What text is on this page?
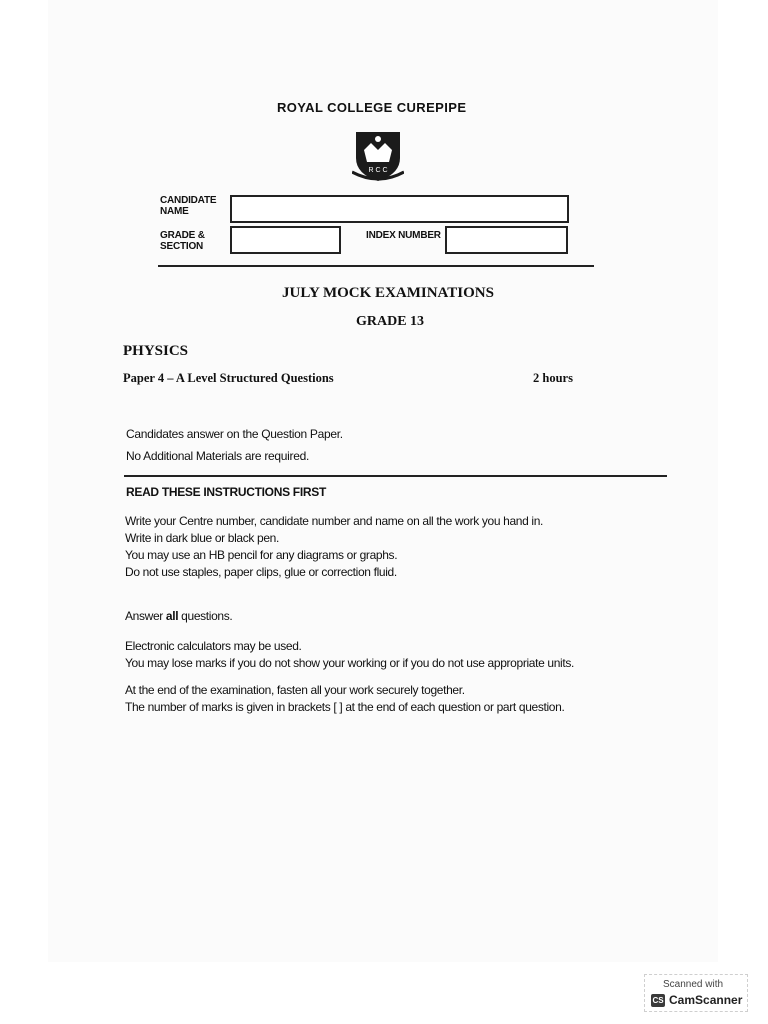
ROYAL COLLEGE CUREPIPE

R C C

CANDIDATE

NAME

GRADE &

SECTION

INDEX NUMBER

JULY MOCK EXAMINATIONS

GRADE 13

PHYSICS

Paper 4 – A Level Structured Questions	2 hours

Candidates answer on the Question Paper.

No Additional Materials are required.

READ THESE INSTRUCTIONS FIRST

Write your Centre number, candidate number and name on all the work you hand in.
Write in dark blue or black pen.
You may use an HB pencil for any diagrams or graphs.
Do not use staples, paper clips, glue or correction fluid.

Answer all questions.

Electronic calculators may be used.
You may lose marks if you do not show your working or if you do not use appropriate units.
At the end of the examination, fasten all your work securely together.
The number of marks is given in brackets [ ] at the end of each question or part question.
Scanned with
CS CamScanner
